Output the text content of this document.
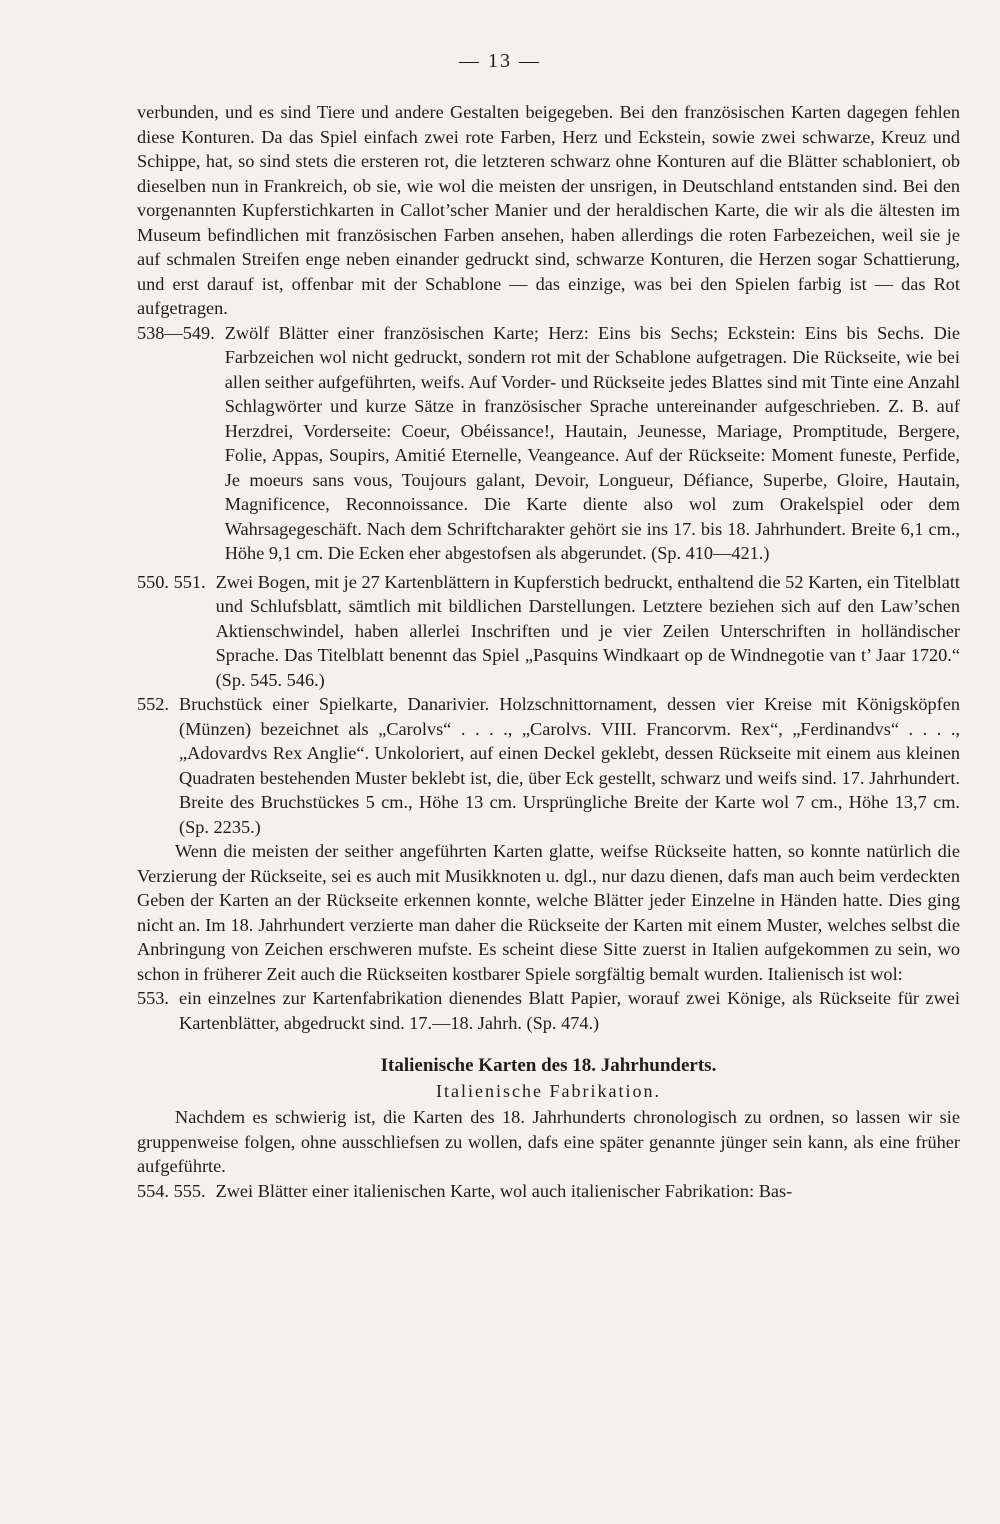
— 13 —

verbunden, und es sind Tiere und andere Gestalten beigegeben. Bei den französischen Karten dagegen fehlen diese Konturen. Da das Spiel einfach zwei rote Farben, Herz und Eckstein, sowie zwei schwarze, Kreuz und Schippe, hat, so sind stets die ersteren rot, die letzteren schwarz ohne Konturen auf die Blätter schabloniert, ob dieselben nun in Frankreich, ob sie, wie wol die meisten der unsrigen, in Deutschland entstanden sind. Bei den vorgenannten Kupferstichkarten in Callot’scher Manier und der heraldischen Karte, die wir als die ältesten im Museum befindlichen mit französischen Farben ansehen, haben allerdings die roten Farbezeichen, weil sie je auf schmalen Streifen enge neben einander gedruckt sind, schwarze Konturen, die Herzen sogar Schattierung, und erst darauf ist, offenbar mit der Schablone — das einzige, was bei den Spielen farbig ist — das Rot aufgetragen.

538—549. Zwölf Blätter einer französischen Karte; Herz: Eins bis Sechs; Eckstein: Eins bis Sechs. Die Farbzeichen wol nicht gedruckt, sondern rot mit der Schablone aufgetragen. Die Rückseite, wie bei allen seither aufgeführten, weifs. Auf Vorder- und Rückseite jedes Blattes sind mit Tinte eine Anzahl Schlagwörter und kurze Sätze in französischer Sprache untereinander aufgeschrieben. Z. B. auf Herzdrei, Vorderseite: Coeur, Obéissance!, Hautain, Jeunesse, Mariage, Promptitude, Bergere, Folie, Appas, Soupirs, Amitié Eternelle, Veangeance. Auf der Rückseite: Moment funeste, Perfide, Je moeurs sans vous, Toujours galant, Devoir, Longueur, Défiance, Superbe, Gloire, Hautain, Magnificence, Reconnoissance. Die Karte diente also wol zum Orakelspiel oder dem Wahrsagegeschäft. Nach dem Schriftcharakter gehört sie ins 17. bis 18. Jahrhundert. Breite 6,1 cm., Höhe 9,1 cm. Die Ecken eher abgestofsen als abgerundet. (Sp. 410—421.)
550. 551. Zwei Bogen, mit je 27 Kartenblättern in Kupferstich bedruckt, enthaltend die 52 Karten, ein Titelblatt und Schlufsblatt, sämtlich mit bildlichen Darstellungen. Letztere beziehen sich auf den Law’schen Aktienschwindel, haben allerlei Inschriften und je vier Zeilen Unterschriften in holländischer Sprache. Das Titelblatt benennt das Spiel „Pasquins Windkaart op de Windnegotie van t’ Jaar 1720.“ (Sp. 545. 546.)
552. Bruchstück einer Spielkarte, Danarivier. Holzschnittornament, dessen vier Kreise mit Königsköpfen (Münzen) bezeichnet als „Carolvs“ . . . ., „Carolvs. VIII. Francorvm. Rex“, „Ferdinandvs“ . . . ., „Adovardvs Rex Anglie“. Unkoloriert, auf einen Deckel geklebt, dessen Rückseite mit einem aus kleinen Quadraten bestehenden Muster beklebt ist, die, über Eck gestellt, schwarz und weifs sind. 17. Jahrhundert. Breite des Bruchstückes 5 cm., Höhe 13 cm. Ursprüngliche Breite der Karte wol 7 cm., Höhe 13,7 cm. (Sp. 2235.)

Wenn die meisten der seither angeführten Karten glatte, weifse Rückseite hatten, so konnte natürlich die Verzierung der Rückseite, sei es auch mit Musikknoten u. dgl., nur dazu dienen, dafs man auch beim verdeckten Geben der Karten an der Rückseite erkennen konnte, welche Blätter jeder Einzelne in Händen hatte. Dies ging nicht an. Im 18. Jahrhundert verzierte man daher die Rückseite der Karten mit einem Muster, welches selbst die Anbringung von Zeichen erschweren mufste. Es scheint diese Sitte zuerst in Italien aufgekommen zu sein, wo schon in früherer Zeit auch die Rückseiten kostbarer Spiele sorgfältig bemalt wurden. Italienisch ist wol:

553. ein einzelnes zur Kartenfabrikation dienendes Blatt Papier, worauf zwei Könige, als Rückseite für zwei Kartenblätter, abgedruckt sind. 17.—18. Jahrh. (Sp. 474.)
Italienische Karten des 18. Jahrhunderts.
Italienische Fabrikation.

Nachdem es schwierig ist, die Karten des 18. Jahrhunderts chronologisch zu ordnen, so lassen wir sie gruppenweise folgen, ohne ausschliefsen zu wollen, dafs eine später genannte jünger sein kann, als eine früher aufgeführte.

554. 555. Zwei Blätter einer italienischen Karte, wol auch italienischer Fabrikation: Bas-
